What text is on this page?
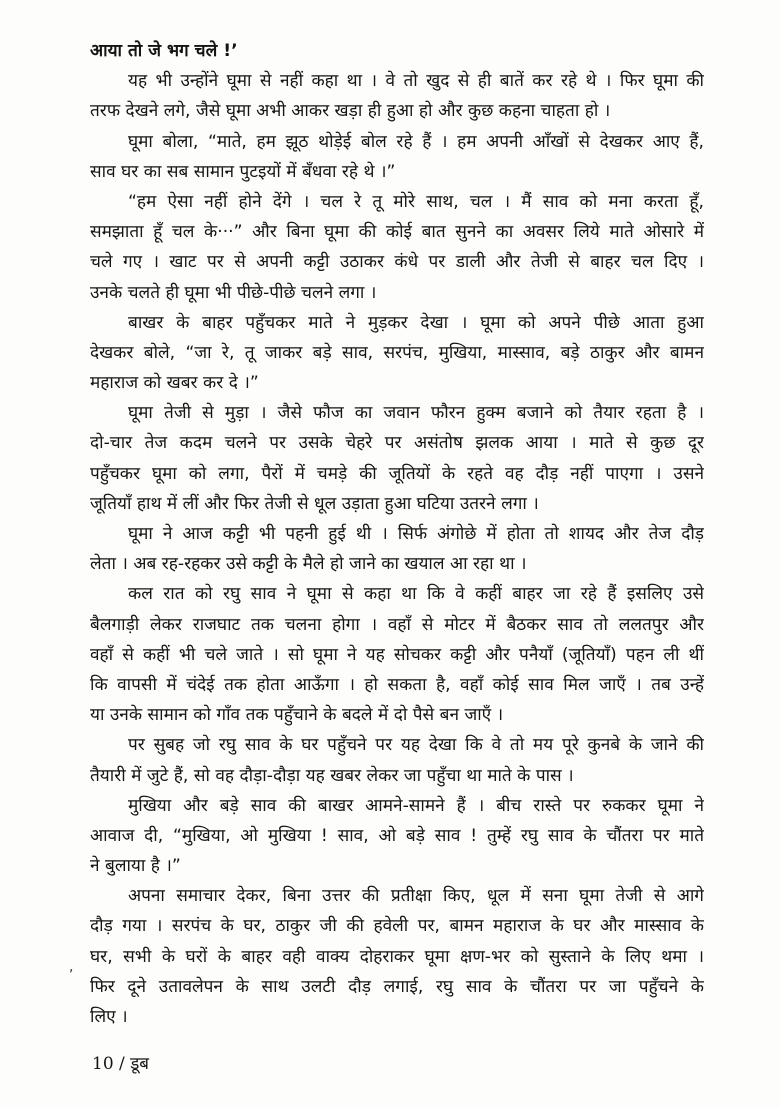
आया तो जे भग चले !’
यह भी उन्होंने घूमा से नहीं कहा था । वे तो खुद से ही बातें कर रहे थे । फिर घूमा की
तरफ देखने लगे, जैसे घूमा अभी आकर खड़ा ही हुआ हो और कुछ कहना चाहता हो ।
घूमा बोला, “माते, हम झूठ थोड़ेई बोल रहे हैं । हम अपनी आँखों से देखकर आए हैं,
साव घर का सब सामान पुटइयों में बँधवा रहे थे ।”
“हम ऐसा नहीं होने देंगे । चल रे तू मोरे साथ, चल । मैं साव को मना करता हूँ,
समझाता हूँ चल के···” और बिना घूमा की कोई बात सुनने का अवसर लिये माते ओसारे में
चले गए । खाट पर से अपनी कट्टी उठाकर कंधे पर डाली और तेजी से बाहर चल दिए ।
उनके चलते ही घूमा भी पीछे-पीछे चलने लगा ।
बाखर के बाहर पहुँचकर माते ने मुड़कर देखा । घूमा को अपने पीछे आता हुआ
देखकर बोले, “जा रे, तू जाकर बड़े साव, सरपंच, मुखिया, मास्साव, बड़े ठाकुर और बामन
महाराज को खबर कर दे ।”
घूमा तेजी से मुड़ा । जैसे फौज का जवान फौरन हुक्म बजाने को तैयार रहता है ।
दो-चार तेज कदम चलने पर उसके चेहरे पर असंतोष झलक आया । माते से कुछ दूर
पहुँचकर घूमा को लगा, पैरों में चमड़े की जूतियों के रहते वह दौड़ नहीं पाएगा । उसने
जूतियाँ हाथ में लीं और फिर तेजी से धूल उड़ाता हुआ घटिया उतरने लगा ।
घूमा ने आज कट्टी भी पहनी हुई थी । सिर्फ अंगोछे में होता तो शायद और तेज दौड़
लेता । अब रह-रहकर उसे कट्टी के मैले हो जाने का खयाल आ रहा था ।
कल रात को रघु साव ने घूमा से कहा था कि वे कहीं बाहर जा रहे हैं इसलिए उसे
बैलगाड़ी लेकर राजघाट तक चलना होगा । वहाँ से मोटर में बैठकर साव तो ललतपुर और
वहाँ से कहीं भी चले जाते । सो घूमा ने यह सोचकर कट्टी और पनैयाँ (जूतियाँ) पहन ली थीं
कि वापसी में चंदेई तक होता आऊँगा । हो सकता है, वहाँ कोई साव मिल जाएँ । तब उन्हें
या उनके सामान को गाँव तक पहुँचाने के बदले में दो पैसे बन जाएँ ।
पर सुबह जो रघु साव के घर पहुँचने पर यह देखा कि वे तो मय पूरे कुनबे के जाने की
तैयारी में जुटे हैं, सो वह दौड़ा-दौड़ा यह खबर लेकर जा पहुँचा था माते के पास ।
मुखिया और बड़े साव की बाखर आमने-सामने हैं । बीच रास्ते पर रुककर घूमा ने
आवाज दी, “मुखिया, ओ मुखिया ! साव, ओ बड़े साव ! तुम्हें रघु साव के चौंतरा पर माते
ने बुलाया है ।”
अपना समाचार देकर, बिना उत्तर की प्रतीक्षा किए, धूल में सना घूमा तेजी से आगे
दौड़ गया । सरपंच के घर, ठाकुर जी की हवेली पर, बामन महाराज के घर और मास्साव के
घर, सभी के घरों के बाहर वही वाक्य दोहराकर घूमा क्षण-भर को सुस्ताने के लिए थमा ।
फिर दूने उतावलेपन के साथ उलटी दौड़ लगाई, रघु साव के चौंतरा पर जा पहुँचने के
लिए ।
,
10 / डूब
